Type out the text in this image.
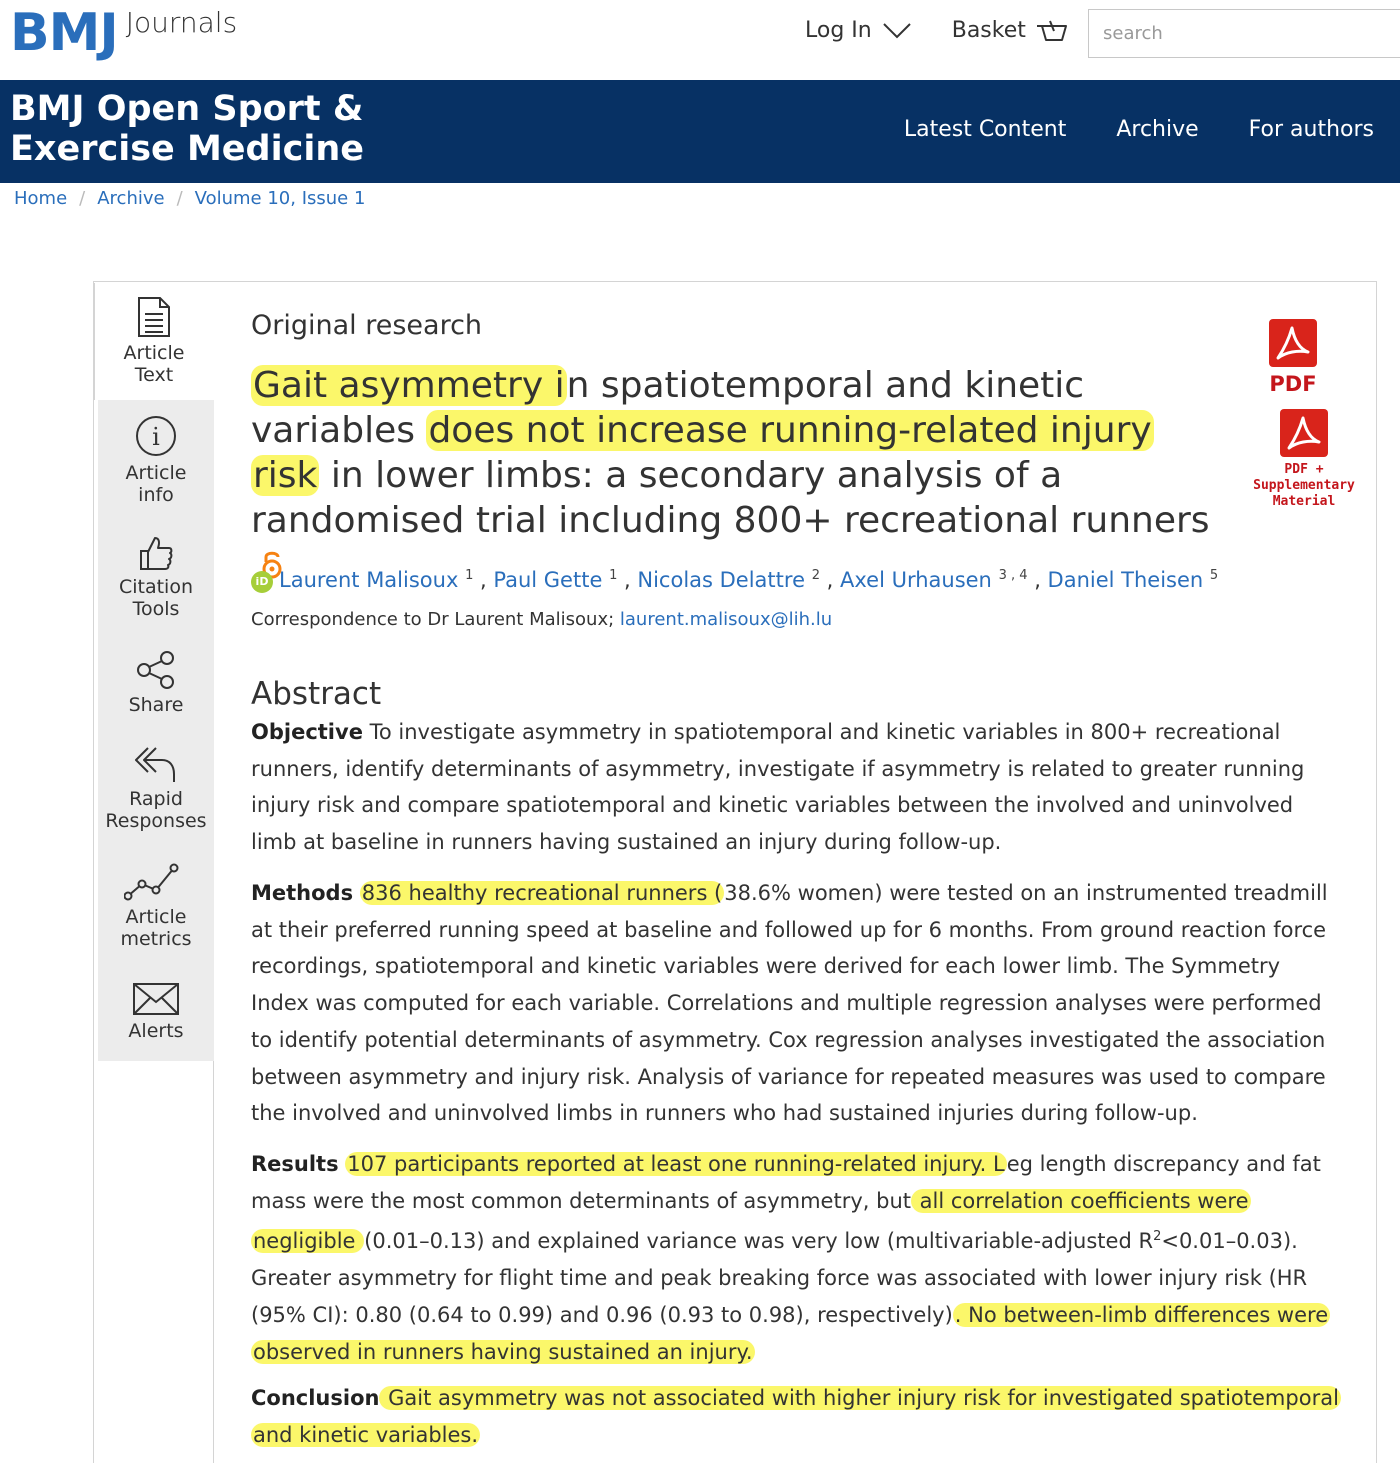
BMJ Journals	Log In	Basket
search
BMJ Open Sport &
Exercise Medicine	Latest Content Archive For authors
Home / Archive / Volume 10, Issue 1
Article
Text
i
Article
info
Citation
Tools
Share
Rapid
Responses
Article
metrics
Alerts
Original research
Gait asymmetry in spatiotemporal and kinetic variables does not increase running-related injury risk in lower limbs: a secondary analysis of a randomised trial including 800+ recreational runners
PDF
PDF +
Supplementary
Material
iD Laurent Malisoux $^1$ , Paul Gette $^1$ , Nicolas Delattre $^2$ , Axel Urhausen $^{3 , 4}$ , Daniel Theisen $^5$
Correspondence to Dr Laurent Malisoux; laurent.malisoux@lih.lu
Abstract

Objective To investigate asymmetry in spatiotemporal and kinetic variables in 800+ recreational runners, identify determinants of asymmetry, investigate if asymmetry is related to greater running injury risk and compare spatiotemporal and kinetic variables between the involved and uninvolved limb at baseline in runners having sustained an injury during follow-up.

Methods 836 healthy recreational runners (38.6% women) were tested on an instrumented treadmill at their preferred running speed at baseline and followed up for 6 months. From ground reaction force recordings, spatiotemporal and kinetic variables were derived for each lower limb. The Symmetry Index was computed for each variable. Correlations and multiple regression analyses were performed to identify potential determinants of asymmetry. Cox regression analyses investigated the association between asymmetry and injury risk. Analysis of variance for repeated measures was used to compare the involved and uninvolved limbs in runners who had sustained injuries during follow-up.

Results 107 participants reported at least one running-related injury. Leg length discrepancy and fat mass were the most common determinants of asymmetry, but all correlation coefficients were negligible (0.01–0.13) and explained variance was very low (multivariable-adjusted $R^2<0.01-0.03$). Greater asymmetry for flight time and peak breaking force was associated with lower injury risk (HR (95% CI): 0.80 (0.64 to 0.99) and 0.96 (0.93 to 0.98), respectively). No between-limb differences were observed in runners having sustained an injury.

Conclusion Gait asymmetry was not associated with higher injury risk for investigated spatiotemporal and kinetic variables.
